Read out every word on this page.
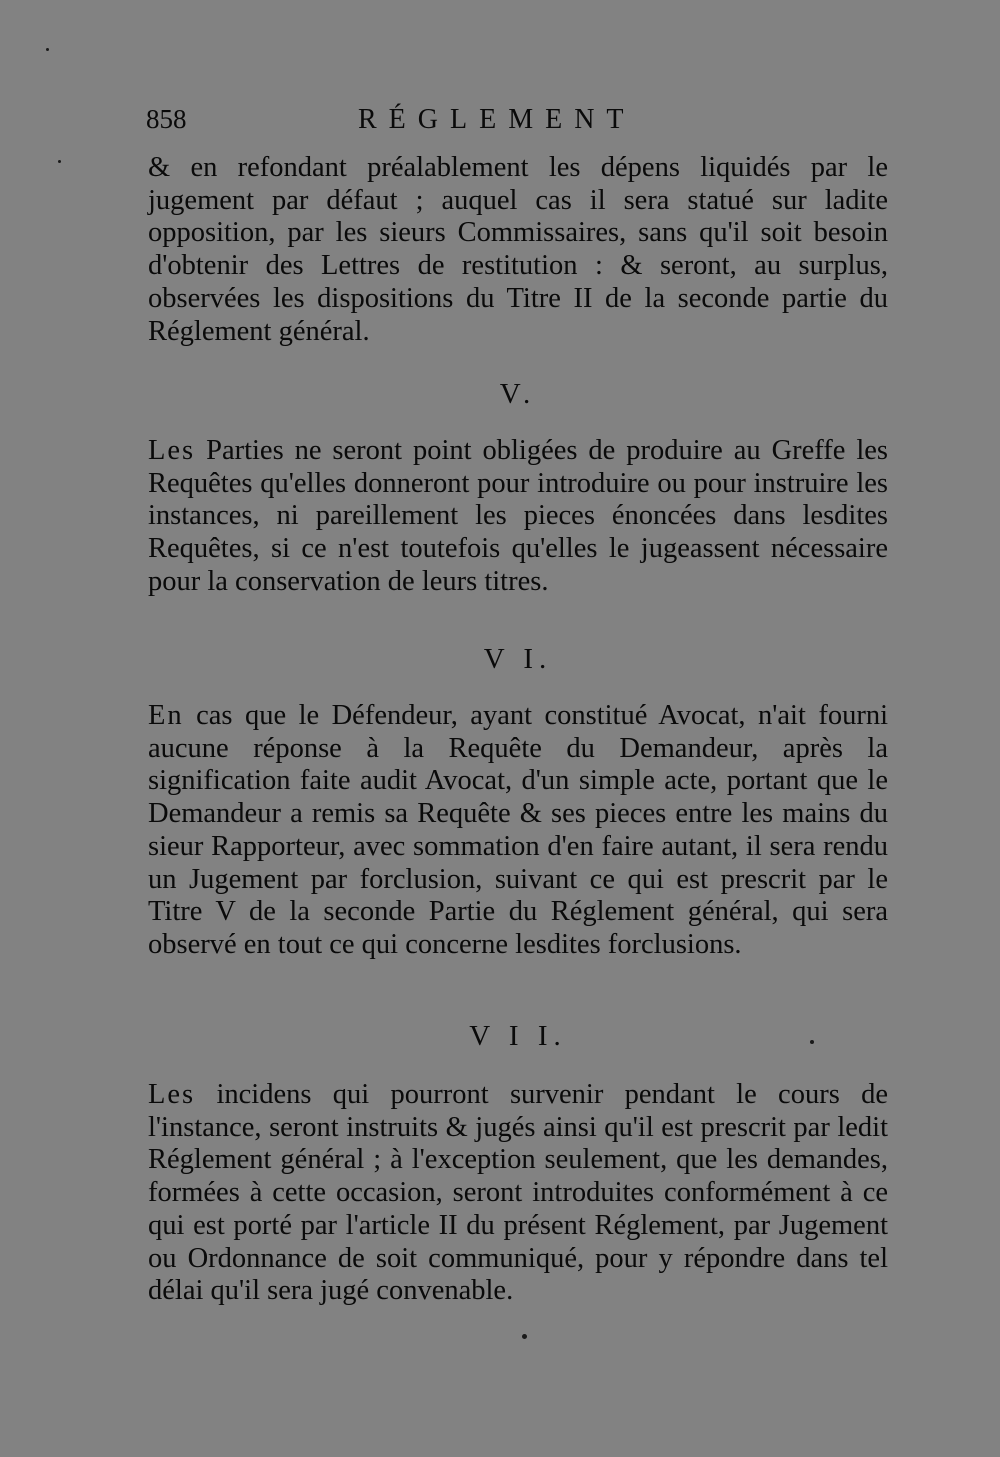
858	RÉGLEMENT

& en refondant préalablement les dépens liquidés par le jugement par défaut ; auquel cas il sera statué sur ladite opposition, par les sieurs Commissaires, sans qu'il soit besoin d'obtenir des Lettres de restitution : & seront, au surplus, observées les dispositions du Titre II de la seconde partie du Réglement général.

V.

Les Parties ne seront point obligées de produire au Greffe les Requêtes qu'elles donneront pour introduire ou pour instruire les instances, ni pareillement les pieces énoncées dans lesdites Requêtes, si ce n'est toutefois qu'elles le jugeassent nécessaire pour la conservation de leurs titres.

V I.

En cas que le Défendeur, ayant constitué Avocat, n'ait fourni aucune réponse à la Requête du Demandeur, après la signification faite audit Avocat, d'un simple acte, portant que le Demandeur a remis sa Requête & ses pieces entre les mains du sieur Rapporteur, avec sommation d'en faire autant, il sera rendu un Jugement par forclusion, suivant ce qui est prescrit par le Titre V de la seconde Partie du Réglement général, qui sera observé en tout ce qui concerne lesdites forclusions.

V I I.

Les incidens qui pourront survenir pendant le cours de l'instance, seront instruits & jugés ainsi qu'il est prescrit par ledit Réglement général ; à l'exception seulement, que les demandes, formées à cette occasion, seront introduites conformément à ce qui est porté par l'article II du présent Réglement, par Jugement ou Ordonnance de soit communiqué, pour y répondre dans tel délai qu'il sera jugé convenable.
